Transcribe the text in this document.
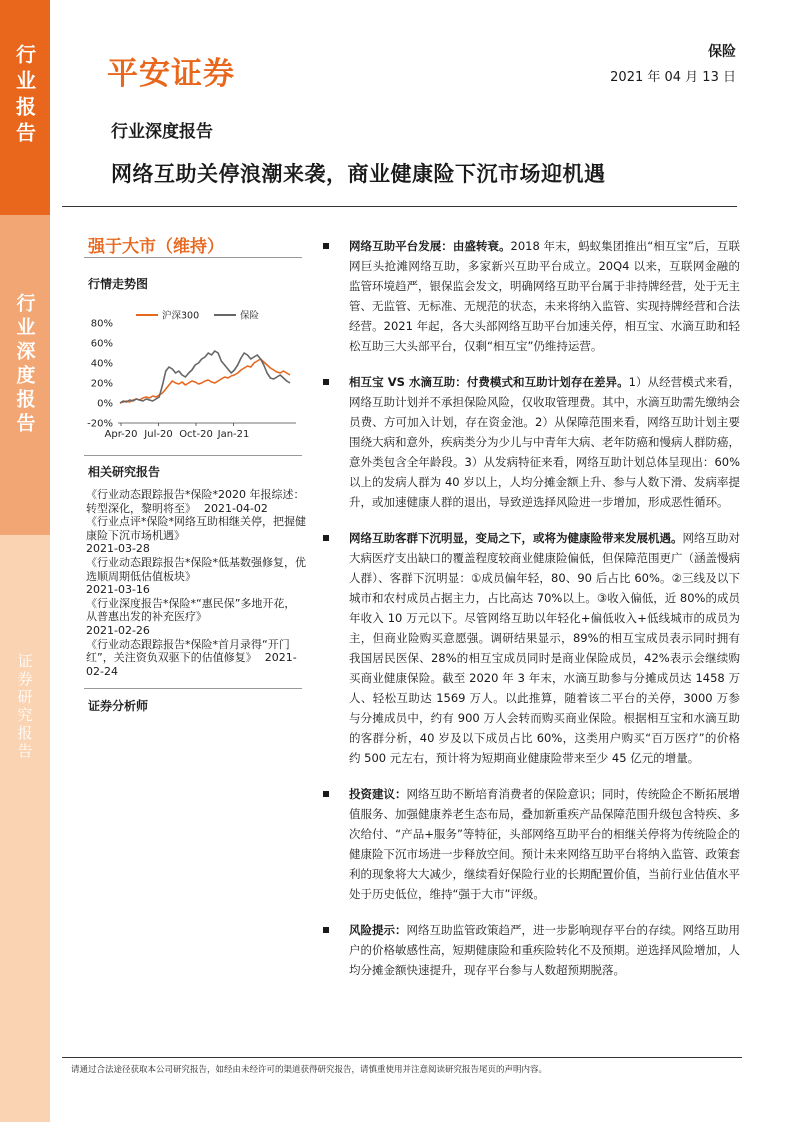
行业报告
行业深度报告
证券研究报告
平安证券
保险
2021 年 04 月 13 日
行业深度报告
网络互助关停浪潮来袭，商业健康险下沉市场迎机遇
强于大市（维持）
行情走势图
80%
60%
40%
20%
0%
-20%
Apr-20 Jul-20 Oct-20 Jan-21
沪深300	保险
相关研究报告
《行业动态跟踪报告*保险*2020 年报综述：转型深化，黎明将至》 2021-04-02
《行业点评*保险*网络互助相继关停，把握健康险下沉市场机遇》
2021-03-28
《行业动态跟踪报告*保险*低基数强修复，优选顺周期低估值板块》
2021-03-16
《行业深度报告*保险*“惠民保”多地开花，从普惠出发的补充医疗》
2021-02-26
《行业动态跟踪报告*保险*首月录得“开门红”，关注资负双驱下的估值修复》 2021-02-24
证券分析师
网络互助平台发展：由盛转衰。2018 年末，蚂蚁集团推出“相互宝”后，互联网巨头抢滩网络互助，多家新兴互助平台成立。20Q4 以来，互联网金融的监管环境趋严，银保监会发文，明确网络互助平台属于非持牌经营，处于无主管、无监管、无标准、无规范的状态，未来将纳入监管、实现持牌经营和合法经营。2021 年起，各大头部网络互助平台加速关停，相互宝、水滴互助和轻松互助三大头部平台，仅剩“相互宝”仍维持运营。
相互宝 VS 水滴互助：付费模式和互助计划存在差异。1）从经营模式来看，网络互助计划并不承担保险风险，仅收取管理费。其中，水滴互助需先缴纳会员费、方可加入计划，存在资金池。2）从保障范围来看，网络互助计划主要围绕大病和意外，疾病类分为少儿与中青年大病、老年防癌和慢病人群防癌，意外类包含全年龄段。3）从发病特征来看，网络互助计划总体呈现出：60%以上的发病人群为 40 岁以上，人均分摊金额上升、参与人数下滑、发病率提升，或加速健康人群的退出，导致逆选择风险进一步增加，形成恶性循环。
网络互助客群下沉明显，变局之下，或将为健康险带来发展机遇。网络互助对大病医疗支出缺口的覆盖程度较商业健康险偏低，但保障范围更广（涵盖慢病人群）、客群下沉明显：①成员偏年轻，80、90 后占比 60%。②三线及以下城市和农村成员占据主力，占比高达 70%以上。③收入偏低，近 80%的成员年收入 10 万元以下。尽管网络互助以年轻化+偏低收入+低线城市的成员为主，但商业险购买意愿强。调研结果显示，89%的相互宝成员表示同时拥有我国居民医保、28%的相互宝成员同时是商业保险成员，42%表示会继续购买商业健康保险。截至 2020 年 3 年末，水滴互助参与分摊成员达 1458 万人、轻松互助达 1569 万人。以此推算，随着该二平台的关停，3000 万参与分摊成员中，约有 900 万人会转而购买商业保险。根据相互宝和水滴互助的客群分析，40 岁及以下成员占比 60%，这类用户购买“百万医疗”的价格约 500 元左右，预计将为短期商业健康险带来至少 45 亿元的增量。
投资建议：网络互助不断培育消费者的保险意识；同时，传统险企不断拓展增值服务、加强健康养老生态布局，叠加新重疾产品保障范围升级包含特疾、多次给付、“产品+服务”等特征，头部网络互助平台的相继关停将为传统险企的健康险下沉市场进一步释放空间。预计未来网络互助平台将纳入监管、政策套利的现象将大大减少，继续看好保险行业的长期配置价值，当前行业估值水平处于历史低位，维持“强于大市”评级。
风险提示：网络互助监管政策趋严，进一步影响现存平台的存续。网络互助用户的价格敏感性高，短期健康险和重疾险转化不及预期。逆选择风险增加，人均分摊金额快速提升，现存平台参与人数超预期脱落。
请通过合法途径获取本公司研究报告，如经由未经许可的渠道获得研究报告，请慎重使用并注意阅读研究报告尾页的声明内容。
